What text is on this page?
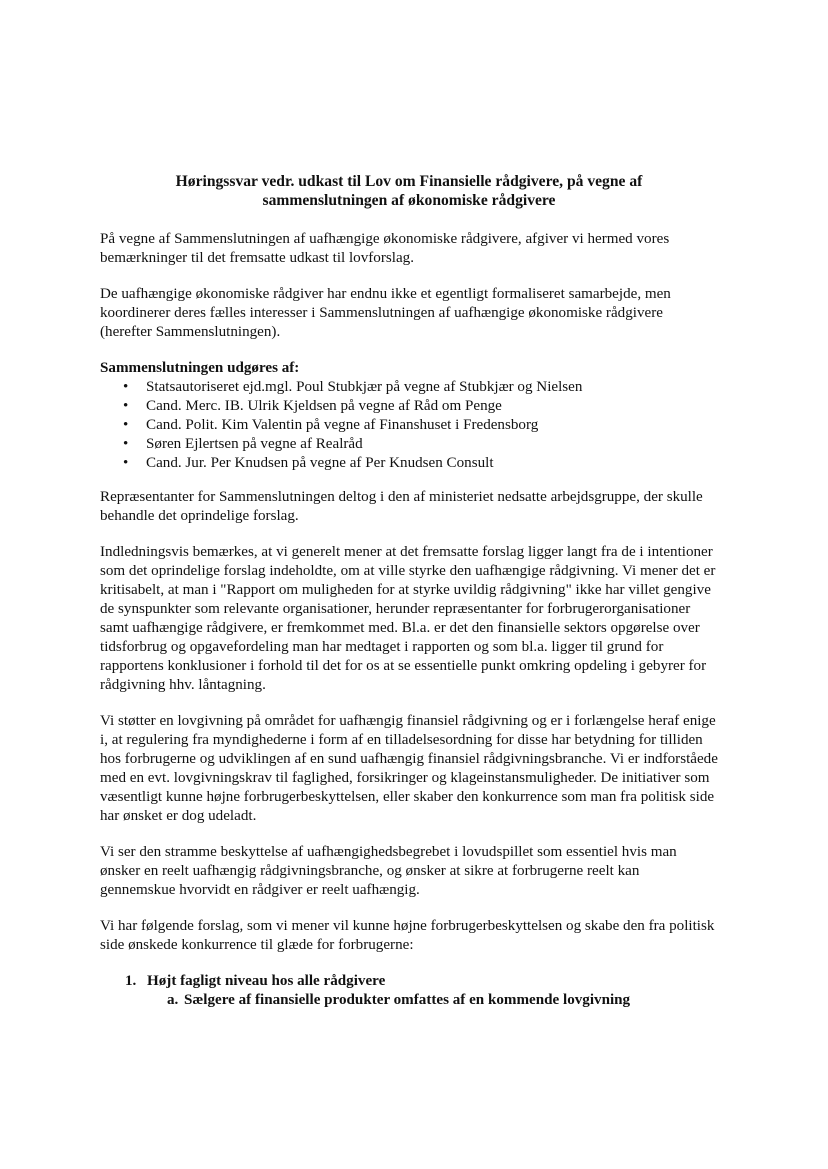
Høringssvar vedr. udkast til Lov om Finansielle rådgivere, på vegne af
sammenslutningen af økonomiske rådgivere

På vegne af Sammenslutningen af uafhængige økonomiske rådgivere, afgiver vi hermed vores bemærkninger til det fremsatte udkast til lovforslag.

De uafhængige økonomiske rådgiver har endnu ikke et egentligt formaliseret samarbejde, men koordinerer deres fælles interesser i Sammenslutningen af uafhængige økonomiske rådgivere (herefter Sammenslutningen).

Sammenslutningen udgøres af:
• Statsautoriseret ejd.mgl. Poul Stubkjær på vegne af Stubkjær og Nielsen
• Cand. Merc. IB. Ulrik Kjeldsen på vegne af Råd om Penge
• Cand. Polit. Kim Valentin på vegne af Finanshuset i Fredensborg
• Søren Ejlertsen på vegne af Realråd
• Cand. Jur. Per Knudsen på vegne af Per Knudsen Consult

Repræsentanter for Sammenslutningen deltog i den af ministeriet nedsatte arbejdsgruppe, der skulle behandle det oprindelige forslag.

Indledningsvis bemærkes, at vi generelt mener at det fremsatte forslag ligger langt fra de i intentioner som det oprindelige forslag indeholdte, om at ville styrke den uafhængige rådgivning. Vi mener det er kritisabelt, at man i "Rapport om muligheden for at styrke uvildig rådgivning" ikke har villet gengive de synspunkter som relevante organisationer, herunder repræsentanter for forbrugerorganisationer samt uafhængige rådgivere, er fremkommet med. Bl.a. er det den finansielle sektors opgørelse over tidsforbrug og opgavefordeling man har medtaget i rapporten og som bl.a. ligger til grund for rapportens konklusioner i forhold til det for os at se essentielle punkt omkring opdeling i gebyrer for rådgivning hhv. låntagning.

Vi støtter en lovgivning på området for uafhængig finansiel rådgivning og er i forlængelse heraf enige i, at regulering fra myndighederne i form af en tilladelsesordning for disse har betydning for tilliden hos forbrugerne og udviklingen af en sund uafhængig finansiel rådgivningsbranche. Vi er indforståede med en evt. lovgivningskrav til faglighed, forsikringer og klageinstansmuligheder. De initiativer som væsentligt kunne højne forbrugerbeskyttelsen, eller skaber den konkurrence som man fra politisk side har ønsket er dog udeladt.

Vi ser den stramme beskyttelse af uafhængighedsbegrebet i lovudspillet som essentiel hvis man ønsker en reelt uafhængig rådgivningsbranche, og ønsker at sikre at forbrugerne reelt kan gennemskue hvorvidt en rådgiver er reelt uafhængig.

Vi har følgende forslag, som vi mener vil kunne højne forbrugerbeskyttelsen og skabe den fra politisk side ønskede konkurrence til glæde for forbrugerne:

1. Højt fagligt niveau hos alle rådgivere
a. Sælgere af finansielle produkter omfattes af en kommende lovgivning
